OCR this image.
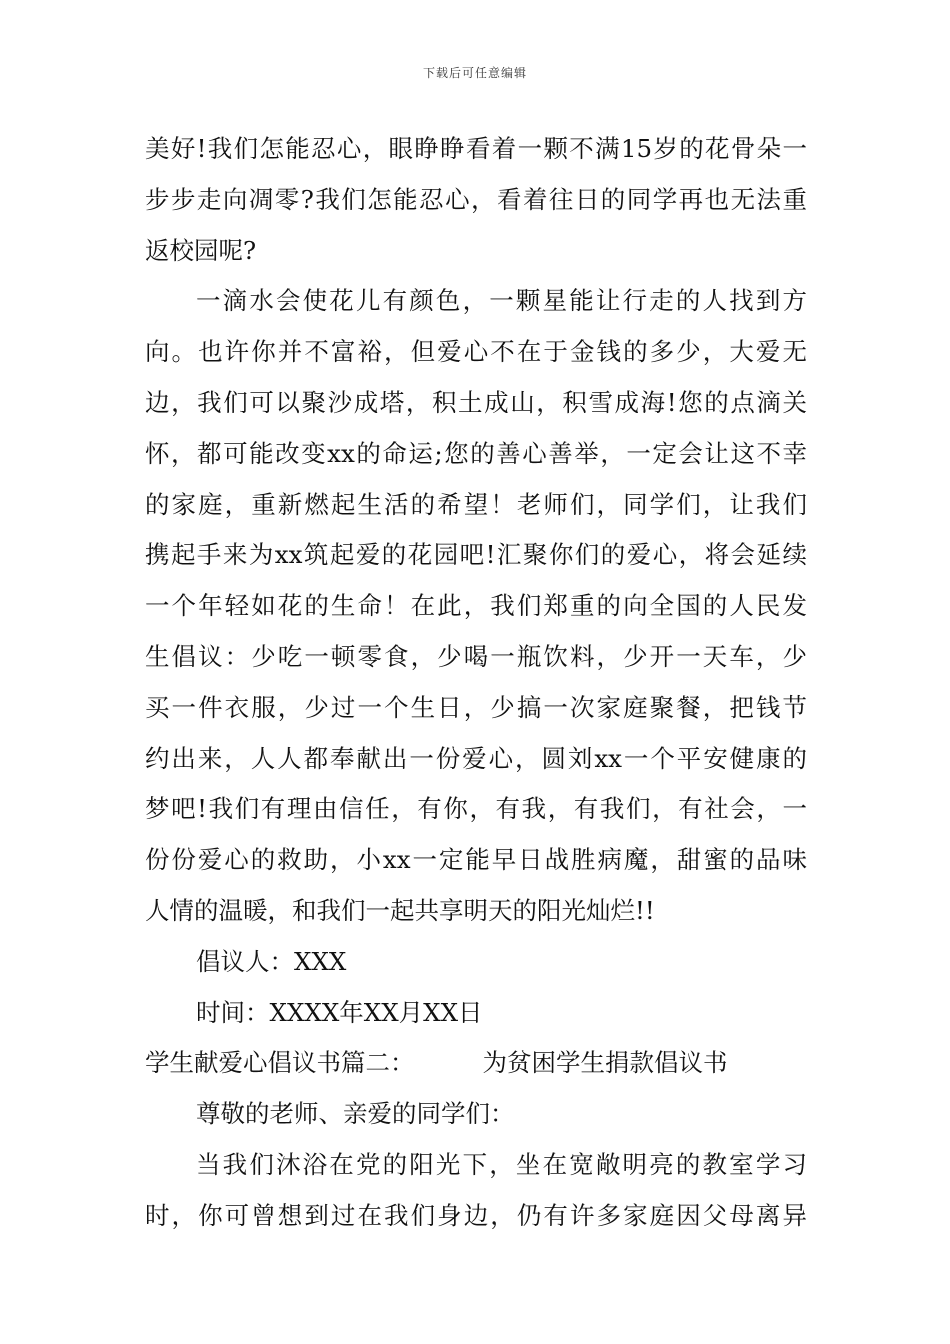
下载后可任意编辑
美好!我们怎能忍心，眼睁睁看着一颗不满15岁的花骨朵一
步步走向凋零?我们怎能忍心，看着往日的同学再也无法重
返校园呢?
一滴水会使花儿有颜色，一颗星能让行走的人找到方
向。也许你并不富裕，但爱心不在于金钱的多少，大爱无
边，我们可以聚沙成塔，积土成山，积雪成海!您的点滴关
怀，都可能改变xx的命运;您的善心善举，一定会让这不幸
的家庭，重新燃起生活的希望！老师们，同学们，让我们
携起手来为xx筑起爱的花园吧!汇聚你们的爱心，将会延续
一个年轻如花的生命！在此，我们郑重的向全国的人民发
生倡议：少吃一顿零食，少喝一瓶饮料，少开一天车，少
买一件衣服，少过一个生日，少搞一次家庭聚餐，把钱节
约出来，人人都奉献出一份爱心，圆刘xx一个平安健康的
梦吧!我们有理由信任，有你，有我，有我们，有社会，一
份份爱心的救助，小xx一定能早日战胜病魔，甜蜜的品味
人情的温暖，和我们一起共享明天的阳光灿烂!!
倡议人：XXX
时间：XXXX年XX月XX日
学生献爱心倡议书篇二：	为贫困学生捐款倡议书
尊敬的老师、亲爱的同学们：
当我们沐浴在党的阳光下，坐在宽敞明亮的教室学习
时，你可曾想到过在我们身边，仍有许多家庭因父母离异
